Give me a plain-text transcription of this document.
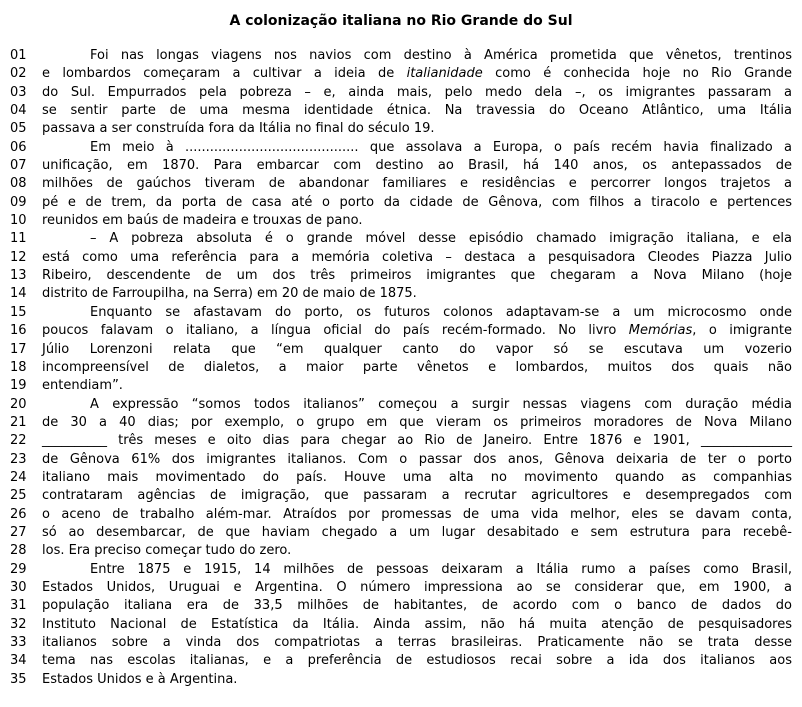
A colonização italiana no Rio Grande do Sul
01	Foi nas longas viagens nos navios com destino à América prometida que vênetos, trentinos
02	e lombardos começaram a cultivar a ideia de italianidade como é conhecida hoje no Rio Grande
03	do Sul. Empurrados pela pobreza – e, ainda mais, pelo medo dela –, os imigrantes passaram a
04	se sentir parte de uma mesma identidade étnica. Na travessia do Oceano Atlântico, uma Itália
05	passava a ser construída fora da Itália no final do século 19.
06	Em meio à .......................................... que assolava a Europa, o país recém havia finalizado a
07	unificação, em 1870. Para embarcar com destino ao Brasil, há 140 anos, os antepassados de
08	milhões de gaúchos tiveram de abandonar familiares e residências e percorrer longos trajetos a
09	pé e de trem, da porta de casa até o porto da cidade de Gênova, com filhos a tiracolo e pertences
10	reunidos em baús de madeira e trouxas de pano.
11	– A pobreza absoluta é o grande móvel desse episódio chamado imigração italiana, e ela
12	está como uma referência para a memória coletiva – destaca a pesquisadora Cleodes Piazza Julio
13	Ribeiro, descendente de um dos três primeiros imigrantes que chegaram a Nova Milano (hoje
14	distrito de Farroupilha, na Serra) em 20 de maio de 1875.
15	Enquanto se afastavam do porto, os futuros colonos adaptavam-se a um microcosmo onde
16	poucos falavam o italiano, a língua oficial do país recém-formado. No livro Memórias, o imigrante
17	Júlio Lorenzoni relata que “em qualquer canto do vapor só se escutava um vozerio
18	incompreensível de dialetos, a maior parte vênetos e lombardos, muitos dos quais não
19	entendiam”.
20	A expressão “somos todos italianos” começou a surgir nessas viagens com duração média
21	de 30 a 40 dias; por exemplo, o grupo em que vieram os primeiros moradores de Nova Milano
22	__________ três meses e oito dias para chegar ao Rio de Janeiro. Entre 1876 e 1901, ______________
23	de Gênova 61% dos imigrantes italianos. Com o passar dos anos, Gênova deixaria de ter o porto
24	italiano mais movimentado do país. Houve uma alta no movimento quando as companhias
25	contrataram agências de imigração, que passaram a recrutar agricultores e desempregados com
26	o aceno de trabalho além-mar. Atraídos por promessas de uma vida melhor, eles se davam conta,
27	só ao desembarcar, de que haviam chegado a um lugar desabitado e sem estrutura para recebê-
28	los. Era preciso começar tudo do zero.
29	Entre 1875 e 1915, 14 milhões de pessoas deixaram a Itália rumo a países como Brasil,
30	Estados Unidos, Uruguai e Argentina. O número impressiona ao se considerar que, em 1900, a
31	população italiana era de 33,5 milhões de habitantes, de acordo com o banco de dados do
32	Instituto Nacional de Estatística da Itália. Ainda assim, não há muita atenção de pesquisadores
33	italianos sobre a vinda dos compatriotas a terras brasileiras. Praticamente não se trata desse
34	tema nas escolas italianas, e a preferência de estudiosos recai sobre a ida dos italianos aos
35	Estados Unidos e à Argentina.
